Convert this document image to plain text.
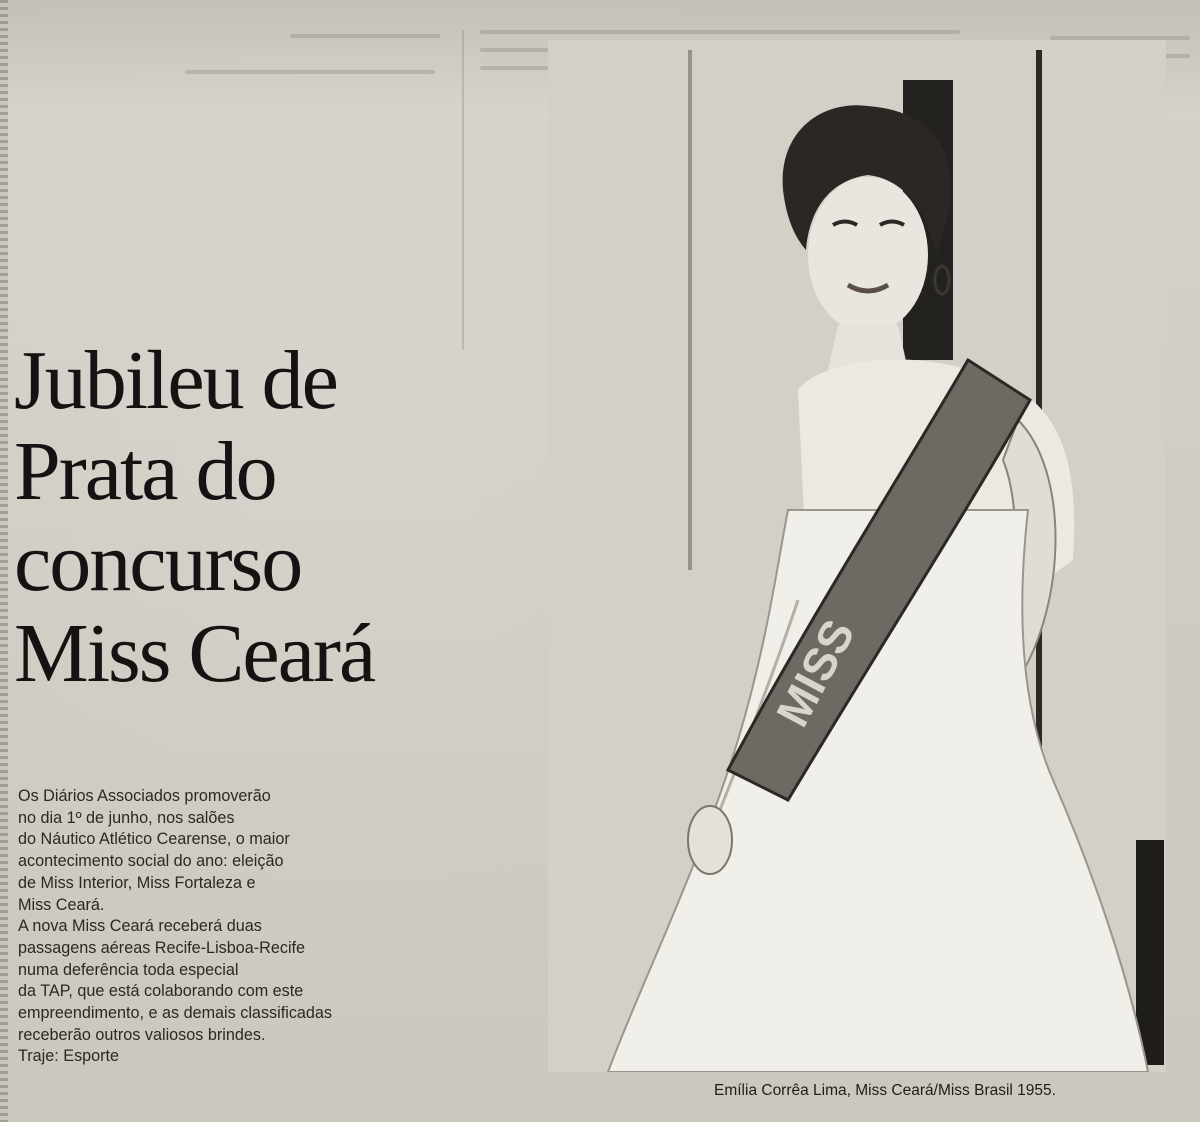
Jubileu de
Prata do
concurso
Miss Ceará
Os Diários Associados promoverão
no dia 1º de junho, nos salões
do Náutico Atlético Cearense, o maior
acontecimento social do ano: eleição
de Miss Interior, Miss Fortaleza e
Miss Ceará.
A nova Miss Ceará receberá duas
passagens aéreas Recife-Lisboa-Recife
numa deferência toda especial
da TAP, que está colaborando com este
empreendimento, e as demais classificadas
receberão outros valiosos brindes.
Traje: Esporte
MISS
Emília Corrêa Lima, Miss Ceará/Miss Brasil 1955.
